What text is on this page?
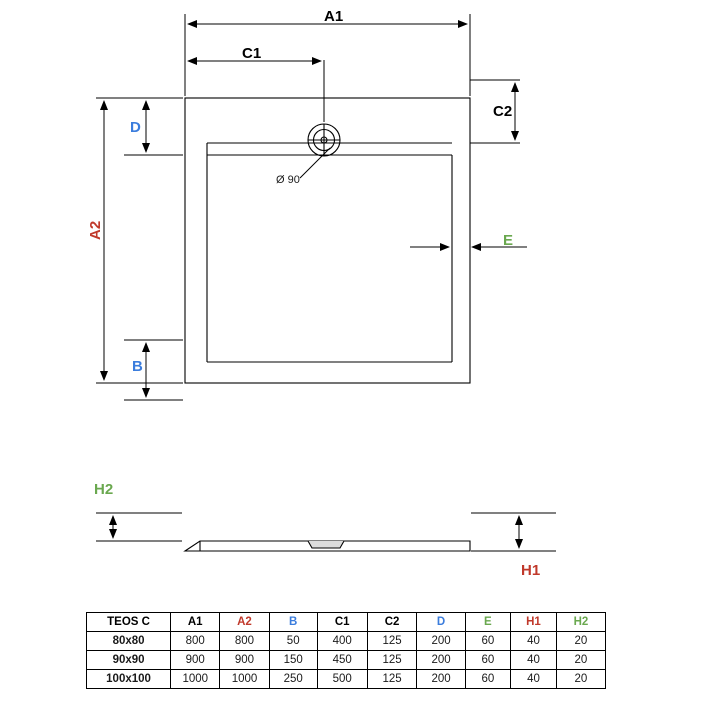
A1
C1
C2
D
A2
E
B
H2
H1
Ø 90
TEOS C	A1	A2	B	C1	C2	D	E	H1	H2
80x80	800	800	50	400	125	200	60	40	20
90x90	900	900	150	450	125	200	60	40	20
100x100	1000	1000	250	500	125	200	60	40	20
